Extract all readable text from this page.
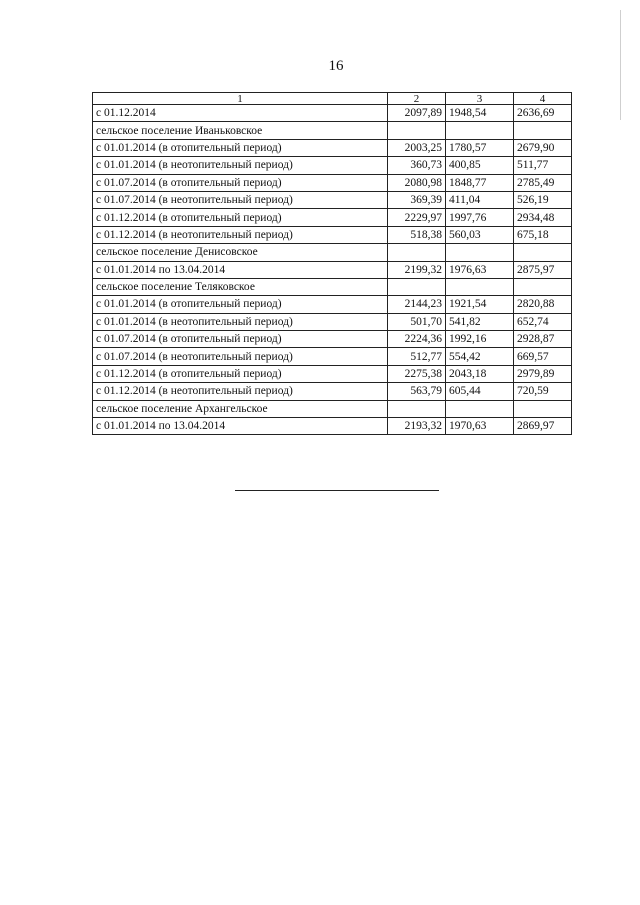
16
1	2	3	4
с 01.12.2014	2097,89	1948,54	2636,69
сельское поселение Иваньковское			
с 01.01.2014 (в отопительный период)	2003,25	1780,57	2679,90
с 01.01.2014 (в неотопительный период)	360,73	400,85	511,77
с 01.07.2014 (в отопительный период)	2080,98	1848,77	2785,49
с 01.07.2014 (в неотопительный период)	369,39	411,04	526,19
с 01.12.2014 (в отопительный период)	2229,97	1997,76	2934,48
с 01.12.2014 (в неотопительный период)	518,38	560,03	675,18
сельское поселение Денисовское			
с 01.01.2014 по 13.04.2014	2199,32	1976,63	2875,97
сельское поселение Теляковское			
с 01.01.2014 (в отопительный период)	2144,23	1921,54	2820,88
с 01.01.2014 (в неотопительный период)	501,70	541,82	652,74
с 01.07.2014 (в отопительный период)	2224,36	1992,16	2928,87
с 01.07.2014 (в неотопительный период)	512,77	554,42	669,57
с 01.12.2014 (в отопительный период)	2275,38	2043,18	2979,89
с 01.12.2014 (в неотопительный период)	563,79	605,44	720,59
сельское поселение Архангельское			
с 01.01.2014 по 13.04.2014	2193,32	1970,63	2869,97
